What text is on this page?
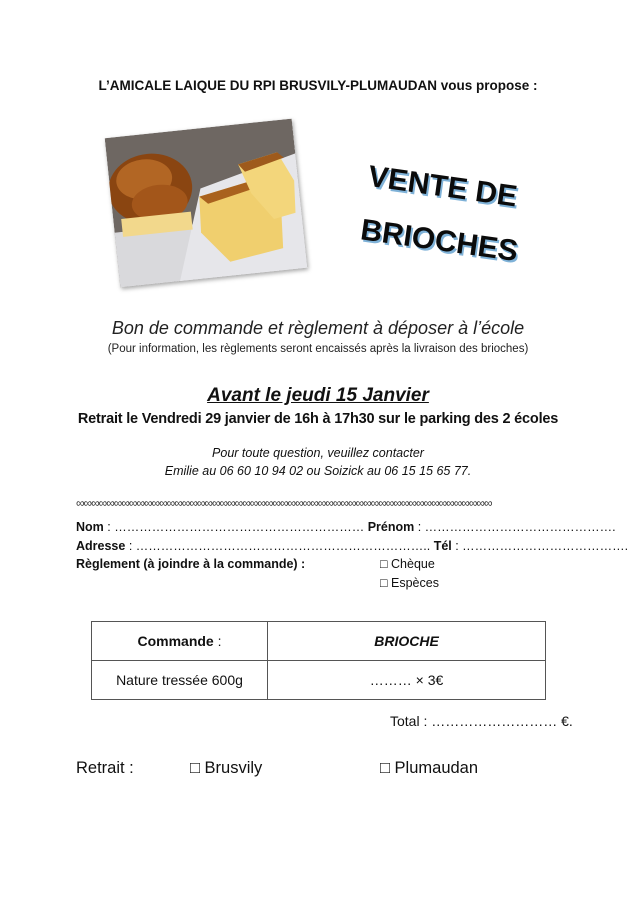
L’AMICALE LAIQUE DU RPI BRUSVILY-PLUMAUDAN vous propose :
VENTE DE
BRIOCHES
Bon de commande et règlement à déposer à l’école
(Pour information, les règlements seront encaissés après la livraison des brioches)
Avant le jeudi 15 Janvier
Retrait le Vendredi 29 janvier de 16h à 17h30 sur le parking des 2 écoles
Pour toute question, veuillez contacter
Emilie au 06 60 10 94 02 ou Soizick au 06 15 15 65 77.
∞∞∞∞∞∞∞∞∞∞∞∞∞∞∞∞∞∞∞∞∞∞∞∞∞∞∞∞∞∞∞∞∞∞∞∞∞∞∞∞∞∞∞∞∞∞∞∞∞∞∞∞∞∞∞
Nom : …………………………………………………… Prénom : ……………………………………….
Adresse : …………………………………………………………….. Tél : ………………………………….
Règlement (à joindre à la commande) :	□ Chèque
□ Espèces
Commande :	BRIOCHE
Nature tressée 600g	……… × 3€
Total : ……………………… €.
Retrait :	□ Brusvily	□ Plumaudan
